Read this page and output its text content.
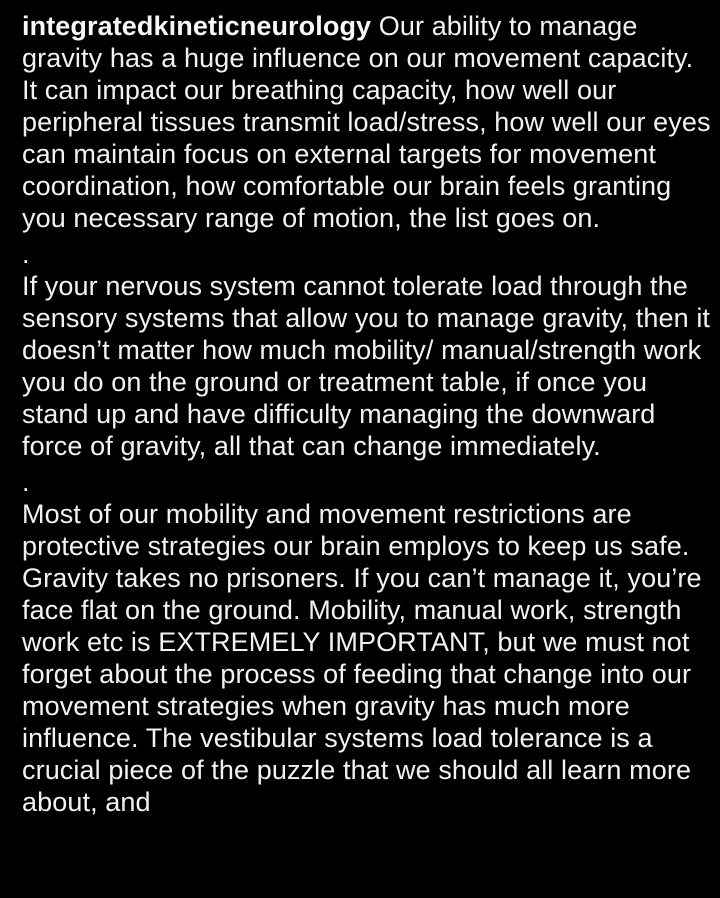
integratedkineticneurology Our ability to manage gravity has a huge influence on our movement capacity. It can impact our breathing capacity, how well our peripheral tissues transmit load/stress, how well our eyes can maintain focus on external targets for movement coordination, how comfortable our brain feels granting you necessary range of motion, the list goes on.

.

If your nervous system cannot tolerate load through the sensory systems that allow you to manage gravity, then it doesn’t matter how much mobility/ manual/strength work you do on the ground or treatment table, if once you stand up and have difficulty managing the downward force of gravity, all that can change immediately.

.

Most of our mobility and movement restrictions are protective strategies our brain employs to keep us safe. Gravity takes no prisoners. If you can’t manage it, you’re face flat on the ground. Mobility, manual work, strength work etc is EXTREMELY IMPORTANT, but we must not forget about the process of feeding that change into our movement strategies when gravity has much more influence. The vestibular systems load tolerance is a crucial piece of the puzzle that we should all learn more about, and
